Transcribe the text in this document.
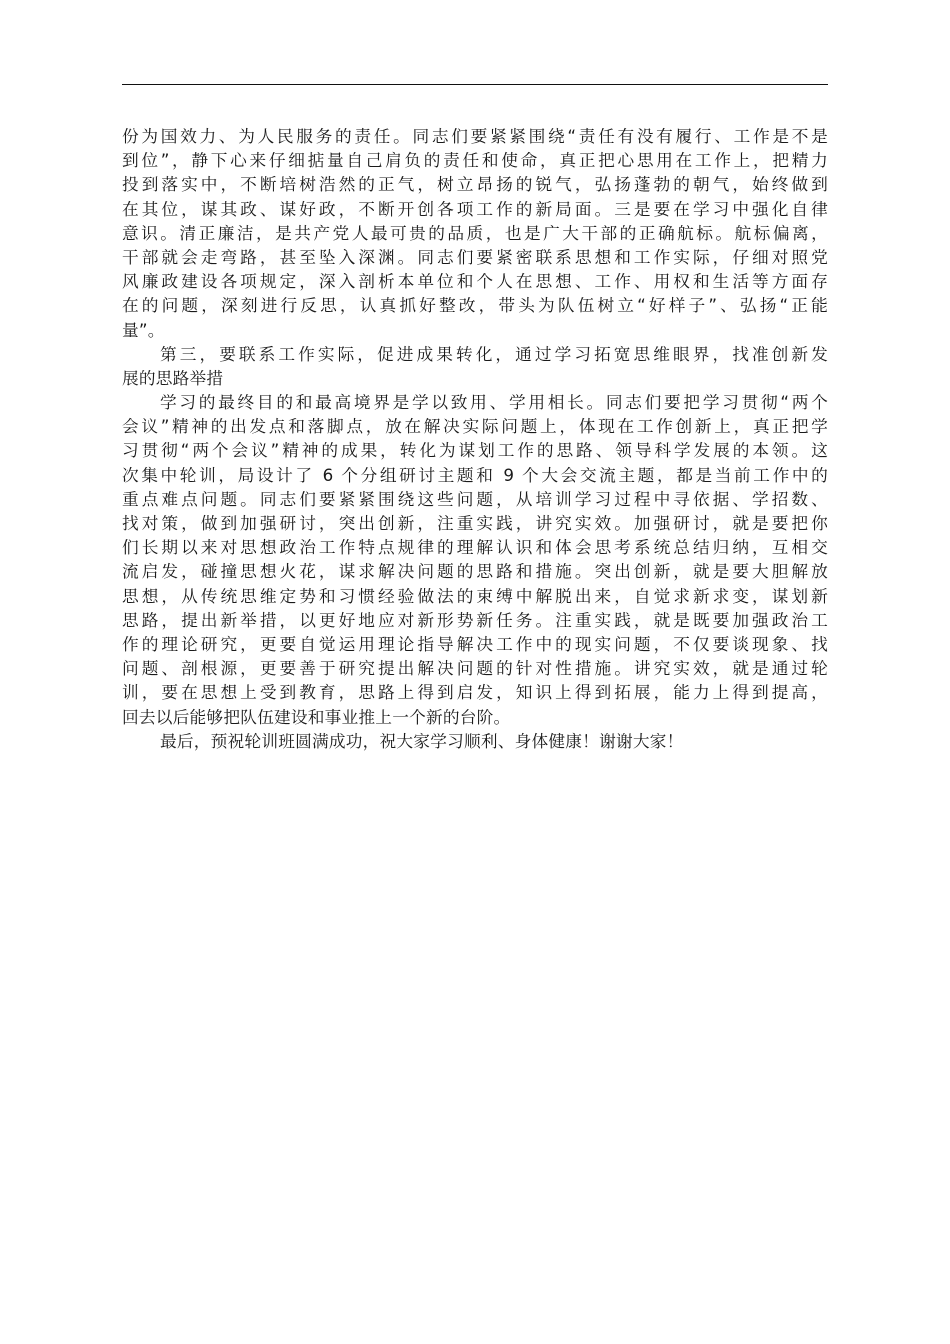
份为国效力、为人民服务的责任。同志们要紧紧围绕“责任有没有履行、工作是不是
到位”，静下心来仔细掂量自己肩负的责任和使命，真正把心思用在工作上，把精力
投到落实中，不断培树浩然的正气，树立昂扬的锐气，弘扬蓬勃的朝气，始终做到
在其位，谋其政、谋好政，不断开创各项工作的新局面。三是要在学习中强化自律
意识。清正廉洁，是共产党人最可贵的品质，也是广大干部的正确航标。航标偏离，
干部就会走弯路，甚至坠入深渊。同志们要紧密联系思想和工作实际，仔细对照党
风廉政建设各项规定，深入剖析本单位和个人在思想、工作、用权和生活等方面存
在的问题，深刻进行反思，认真抓好整改，带头为队伍树立“好样子”、弘扬“正能
量”。
第三，要联系工作实际，促进成果转化，通过学习拓宽思维眼界，找准创新发
展的思路举措
学习的最终目的和最高境界是学以致用、学用相长。同志们要把学习贯彻“两个
会议”精神的出发点和落脚点，放在解决实际问题上，体现在工作创新上，真正把学
习贯彻“两个会议”精神的成果，转化为谋划工作的思路、领导科学发展的本领。这
次集中轮训，局设计了 6 个分组研讨主题和 9 个大会交流主题，都是当前工作中的
重点难点问题。同志们要紧紧围绕这些问题，从培训学习过程中寻依据、学招数、
找对策，做到加强研讨，突出创新，注重实践，讲究实效。加强研讨，就是要把你
们长期以来对思想政治工作特点规律的理解认识和体会思考系统总结归纳，互相交
流启发，碰撞思想火花，谋求解决问题的思路和措施。突出创新，就是要大胆解放
思想，从传统思维定势和习惯经验做法的束缚中解脱出来，自觉求新求变，谋划新
思路，提出新举措，以更好地应对新形势新任务。注重实践，就是既要加强政治工
作的理论研究，更要自觉运用理论指导解决工作中的现实问题，不仅要谈现象、找
问题、剖根源，更要善于研究提出解决问题的针对性措施。讲究实效，就是通过轮
训，要在思想上受到教育，思路上得到启发，知识上得到拓展，能力上得到提高，
回去以后能够把队伍建设和事业推上一个新的台阶。
最后，预祝轮训班圆满成功，祝大家学习顺利、身体健康！谢谢大家！
